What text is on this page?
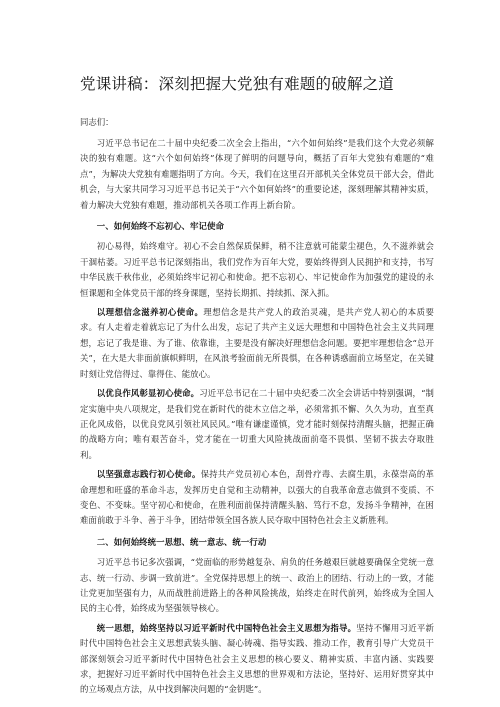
党课讲稿：深刻把握大党独有难题的破解之道
同志们：

习近平总书记在二十届中央纪委二次全会上指出，“六个如何始终”是我们这个大党必须解决的独有难题。这“六个如何始终”体现了鲜明的问题导向，概括了百年大党独有难题的“难点”，为解决大党独有难题指明了方向。今天，我们在这里召开部机关全体党员干部大会，借此机会，与大家共同学习习近平总书记关于“六个如何始终”的重要论述，深刻理解其精神实质，着力解决大党独有难题，推动部机关各项工作再上新台阶。

一、如何始终不忘初心、牢记使命

初心易得，始终难守。初心不会自然保质保鲜，稍不注意就可能蒙尘褪色，久不滋养就会干涸枯萎。习近平总书记深刻指出，我们党作为百年大党，要始终得到人民拥护和支持，书写中华民族千秋伟业，必须始终牢记初心和使命。把不忘初心、牢记使命作为加强党的建设的永恒课题和全体党员干部的终身课题，坚持长期抓、持续抓、深入抓。

以理想信念滋养初心使命。理想信念是共产党人的政治灵魂，是共产党人初心的本质要求。有人走着走着就忘记了为什么出发，忘记了共产主义远大理想和中国特色社会主义共同理想，忘记了我是谁、为了谁、依靠谁，主要是没有解决好理想信念问题。要把牢理想信念“总开关”，在大是大非面前旗帜鲜明，在风浪考验面前无所畏惧，在各种诱惑面前立场坚定，在关键时刻让党信得过、靠得住、能放心。

以优良作风彰显初心使命。习近平总书记在二十届中央纪委二次全会讲话中特别强调，“制定实施中央八项规定，是我们党在新时代的徙木立信之举，必须常抓不懈、久久为功，直至真正化风成俗，以优良党风引领社风民风。”唯有谦虚谨慎，党才能时刻保持清醒头脑，把握正确的战略方向；唯有艰苦奋斗，党才能在一切重大风险挑战面前毫不畏惧、坚韧不拔去夺取胜利。

以坚强意志践行初心使命。保持共产党员初心本色，刮骨疗毒、去腐生肌，永葆崇高的革命理想和旺盛的革命斗志，发挥历史自觉和主动精神，以强大的自我革命意志做到不变质、不变色、不变味。坚守初心和使命，在胜利面前保持清醒头脑、笃行不怠，发扬斗争精神，在困难面前敢于斗争、善于斗争，团结带领全国各族人民夺取中国特色社会主义新胜利。

二、如何始终统一思想、统一意志、统一行动

习近平总书记多次强调，“党面临的形势越复杂、肩负的任务越艰巨就越要确保全党统一意志、统一行动、步调一致前进”。全党保持思想上的统一、政治上的团结、行动上的一致，才能让党更加坚强有力，从而战胜前进路上的各种风险挑战，始终走在时代前列，始终成为全国人民的主心骨，始终成为坚强领导核心。

统一思想，始终坚持以习近平新时代中国特色社会主义思想为指导。坚持不懈用习近平新时代中国特色社会主义思想武装头脑、凝心铸魂、指导实践、推动工作，教育引导广大党员干部深刻领会习近平新时代中国特色社会主义思想的核心要义、精神实质、丰富内涵、实践要求，把握好习近平新时代中国特色社会主义思想的世界观和方法论，坚持好、运用好贯穿其中的立场观点方法，从中找到解决问题的“金钥匙”。
